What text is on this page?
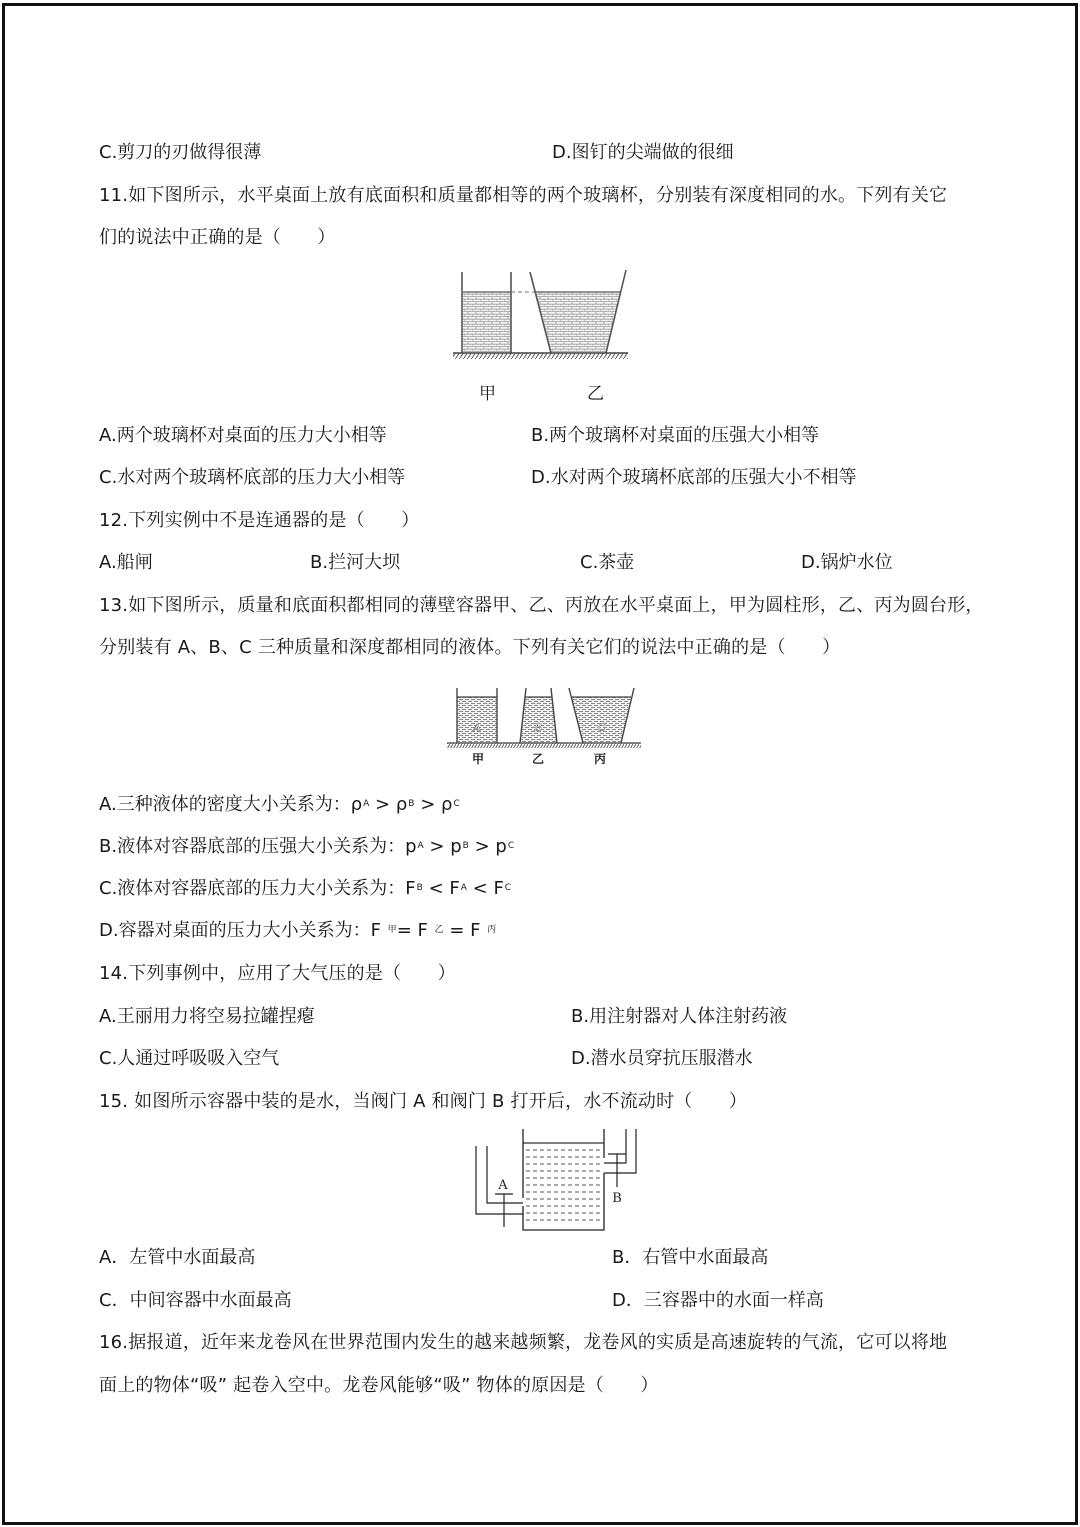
C.剪刀的刃做得很薄	D.图钉的尖端做的很细
11.如下图所示，水平桌面上放有底面积和质量都相等的两个玻璃杯，分别装有深度相同的水。下列有关它
们的说法中正确的是（　　）
甲	乙
A.两个玻璃杯对桌面的压力大小相等	B.两个玻璃杯对桌面的压强大小相等
C.水对两个玻璃杯底部的压力大小相等	D.水对两个玻璃杯底部的压强大小不相等
12.下列实例中不是连通器的是（　　）
A.船闸	B.拦河大坝	C.茶壶	D.锅炉水位
13.如下图所示，质量和底面积都相同的薄壁容器甲、乙、丙放在水平桌面上，甲为圆柱形，乙、丙为圆台形，
分别装有 A、B、C 三种质量和深度都相同的液体。下列有关它们的说法中正确的是（　　）
A	B	C
甲	乙	丙
A.三种液体的密度大小关系为：$\rho_A > \rho_B > \rho_C$
B.液体对容器底部的压强大小关系为：$p_A > p_B > p_C$
C.液体对容器底部的压力大小关系为：$F_B < F_A < F_C$
D.容器对桌面的压力大小关系为：F $_甲$= F $_乙$ = F $_丙$
14.下列事例中，应用了大气压的是（　　）
A.王丽用力将空易拉罐捏瘪	B.用注射器对人体注射药液
C.人通过呼吸吸入空气	D.潜水员穿抗压服潜水
15. 如图所示容器中装的是水，当阀门 A 和阀门 B 打开后，水不流动时（　　）
A
B
A．左管中水面最高	B．右管中水面最高
C．中间容器中水面最高	D．三容器中的水面一样高
16.据报道，近年来龙卷风在世界范围内发生的越来越频繁，龙卷风的实质是高速旋转的气流，它可以将地
面上的物体“吸” 起卷入空中。龙卷风能够“吸” 物体的原因是（　　）
